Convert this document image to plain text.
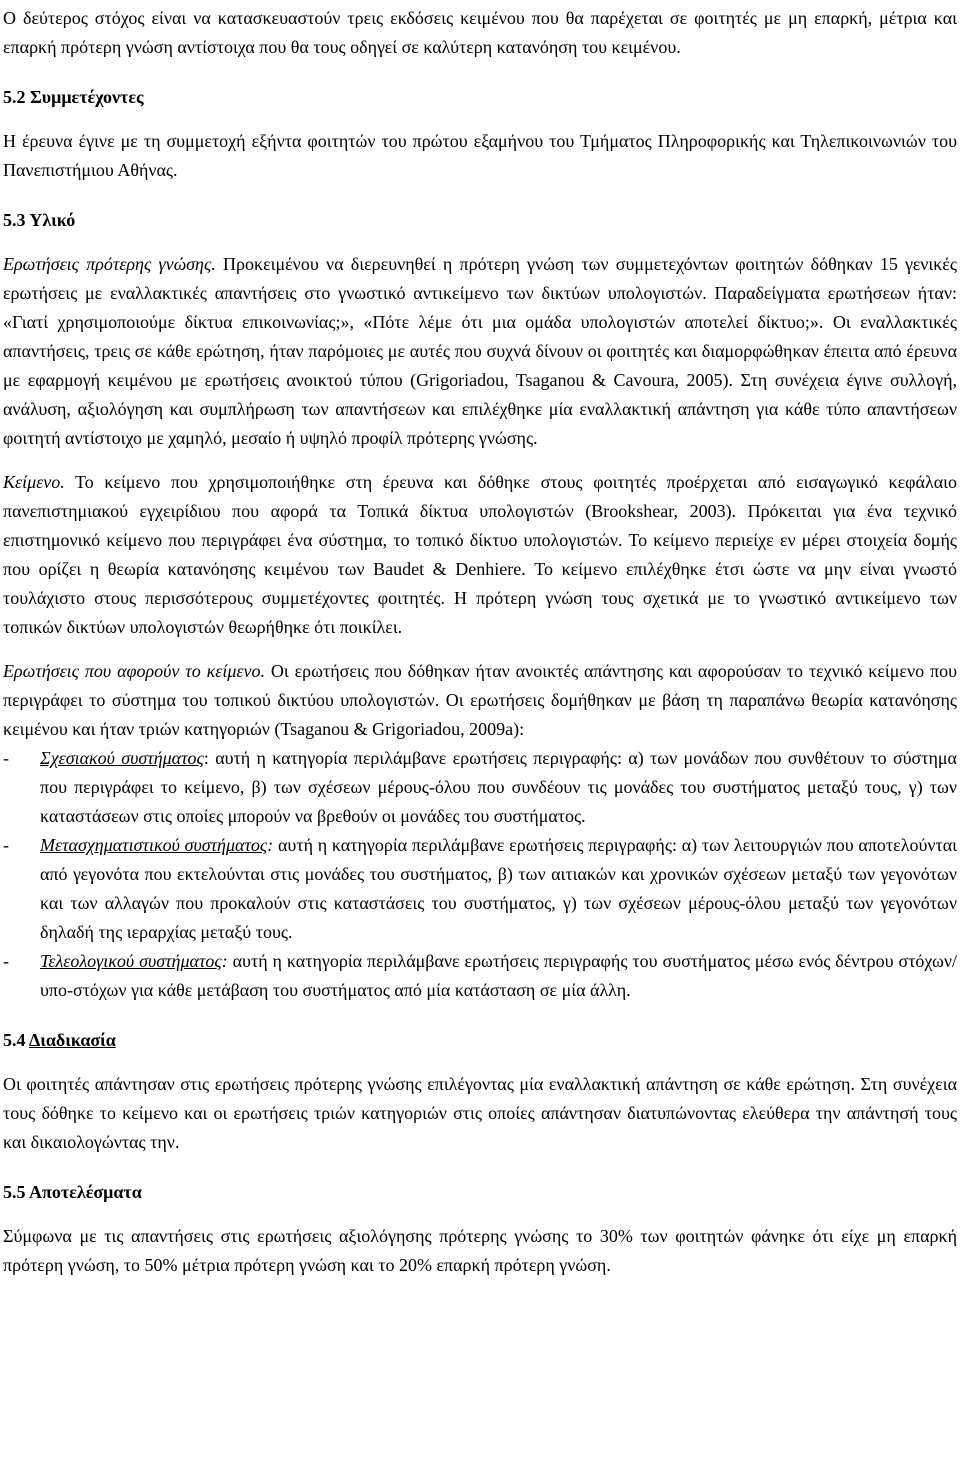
Ο δεύτερος στόχος είναι να κατασκευαστούν τρεις εκδόσεις κειμένου που θα παρέχεται σε φοιτητές με μη επαρκή, μέτρια και επαρκή πρότερη γνώση αντίστοιχα που θα τους οδηγεί σε καλύτερη κατανόηση του κειμένου.

5.2 Συμμετέχοντες

Η έρευνα έγινε με τη συμμετοχή εξήντα φοιτητών του πρώτου εξαμήνου του Τμήματος Πληροφορικής και Τηλεπικοινωνιών του Πανεπιστήμιου Αθήνας.

5.3 Υλικό

Ερωτήσεις πρότερης γνώσης. Προκειμένου να διερευνηθεί η πρότερη γνώση των συμμετεχόντων φοιτητών δόθηκαν 15 γενικές ερωτήσεις με εναλλακτικές απαντήσεις στο γνωστικό αντικείμενο των δικτύων υπολογιστών. Παραδείγματα ερωτήσεων ήταν: «Γιατί χρησιμοποιούμε δίκτυα επικοινωνίας;», «Πότε λέμε ότι μια ομάδα υπολογιστών αποτελεί δίκτυο;». Οι εναλλακτικές απαντήσεις, τρεις σε κάθε ερώτηση, ήταν παρόμοιες με αυτές που συχνά δίνουν οι φοιτητές και διαμορφώθηκαν έπειτα από έρευνα με εφαρμογή κειμένου με ερωτήσεις ανοικτού τύπου (Grigoriadou, Tsaganou & Cavoura, 2005). Στη συνέχεια έγινε συλλογή, ανάλυση, αξιολόγηση και συμπλήρωση των απαντήσεων και επιλέχθηκε μία εναλλακτική απάντηση για κάθε τύπο απαντήσεων φοιτητή αντίστοιχο με χαμηλό, μεσαίο ή υψηλό προφίλ πρότερης γνώσης.

Κείμενο. Το κείμενο που χρησιμοποιήθηκε στη έρευνα και δόθηκε στους φοιτητές προέρχεται από εισαγωγικό κεφάλαιο πανεπιστημιακού εγχειρίδιου που αφορά τα Τοπικά δίκτυα υπολογιστών (Brookshear, 2003). Πρόκειται για ένα τεχνικό επιστημονικό κείμενο που περιγράφει ένα σύστημα, το τοπικό δίκτυο υπολογιστών. Το κείμενο περιείχε εν μέρει στοιχεία δομής που ορίζει η θεωρία κατανόησης κειμένου των Baudet & Denhiere. Το κείμενο επιλέχθηκε έτσι ώστε να μην είναι γνωστό τουλάχιστο στους περισσότερους συμμετέχοντες φοιτητές. Η πρότερη γνώση τους σχετικά με το γνωστικό αντικείμενο των τοπικών δικτύων υπολογιστών θεωρήθηκε ότι ποικίλει.

Ερωτήσεις που αφορούν το κείμενο. Οι ερωτήσεις που δόθηκαν ήταν ανοικτές απάντησης και αφορούσαν το τεχνικό κείμενο που περιγράφει το σύστημα του τοπικού δικτύου υπολογιστών. Οι ερωτήσεις δομήθηκαν με βάση τη παραπάνω θεωρία κατανόησης κειμένου και ήταν τριών κατηγοριών (Tsaganou & Grigoriadou, 2009a):

- Σχεσιακού συστήματος: αυτή η κατηγορία περιλάμβανε ερωτήσεις περιγραφής: α) των μονάδων που συνθέτουν το σύστημα που περιγράφει το κείμενο, β) των σχέσεων μέρους-όλου που συνδέουν τις μονάδες του συστήματος μεταξύ τους, γ) των καταστάσεων στις οποίες μπορούν να βρεθούν οι μονάδες του συστήματος.
- Μετασχηματιστικού συστήματος: αυτή η κατηγορία περιλάμβανε ερωτήσεις περιγραφής: α) των λειτουργιών που αποτελούνται από γεγονότα που εκτελούνται στις μονάδες του συστήματος, β) των αιτιακών και χρονικών σχέσεων μεταξύ των γεγονότων και των αλλαγών που προκαλούν στις καταστάσεις του συστήματος, γ) των σχέσεων μέρους-όλου μεταξύ των γεγονότων δηλαδή της ιεραρχίας μεταξύ τους.
- Τελεολογικού συστήματος: αυτή η κατηγορία περιλάμβανε ερωτήσεις περιγραφής του συστήματος μέσω ενός δέντρου στόχων/ υπο-στόχων για κάθε μετάβαση του συστήματος από μία κατάσταση σε μία άλλη.
5.4 Διαδικασία

Οι φοιτητές απάντησαν στις ερωτήσεις πρότερης γνώσης επιλέγοντας μία εναλλακτική απάντηση σε κάθε ερώτηση. Στη συνέχεια τους δόθηκε το κείμενο και οι ερωτήσεις τριών κατηγοριών στις οποίες απάντησαν διατυπώνοντας ελεύθερα την απάντησή τους και δικαιολογώντας την.

5.5 Αποτελέσματα

Σύμφωνα με τις απαντήσεις στις ερωτήσεις αξιολόγησης πρότερης γνώσης το 30% των φοιτητών φάνηκε ότι είχε μη επαρκή πρότερη γνώση, το 50% μέτρια πρότερη γνώση και το 20% επαρκή πρότερη γνώση.
